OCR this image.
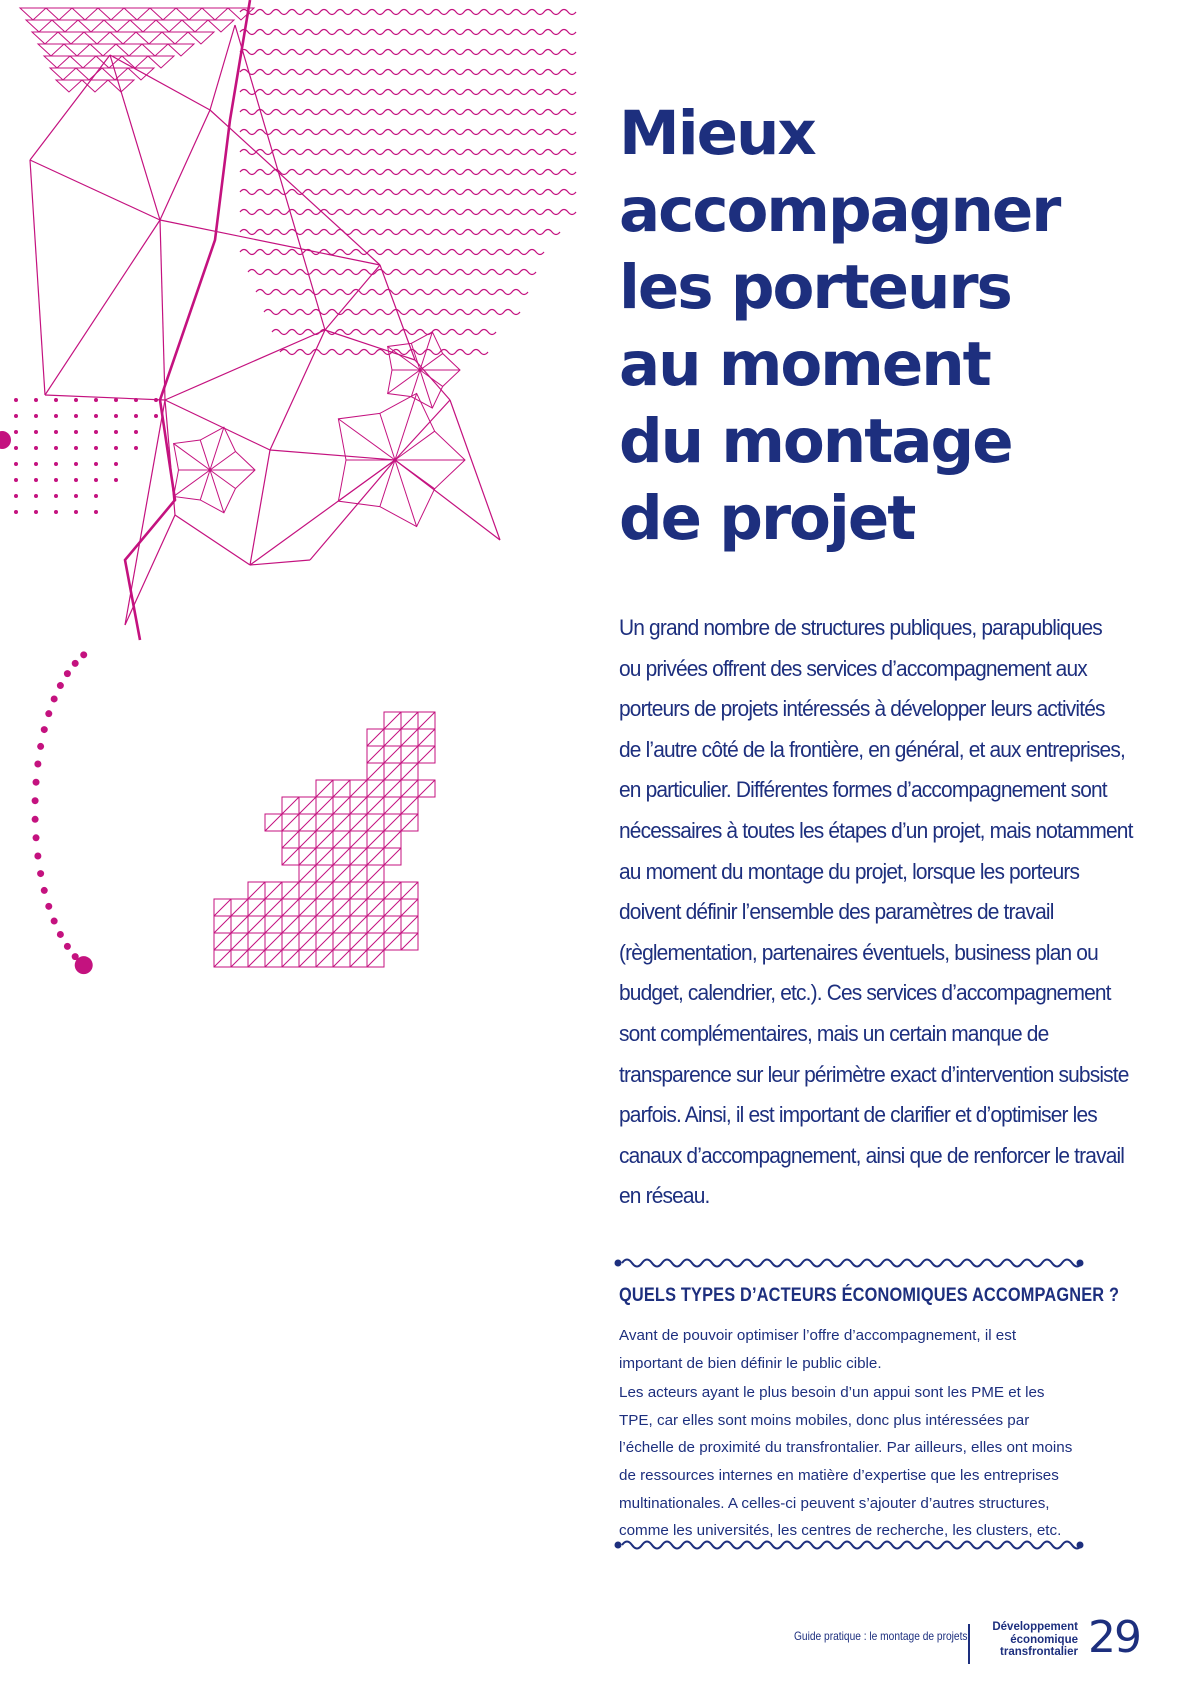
Mieux
accompagner
les porteurs
au moment
du montage
de projet
Un grand nombre de structures publiques, parapubliques
ou privées offrent des services d’accompagnement aux
porteurs de projets intéressés à développer leurs activités
de l’autre côté de la frontière, en général, et aux entreprises,
en particulier. Différentes formes d’accompagnement sont
nécessaires à toutes les étapes d’un projet, mais notamment
au moment du montage du projet, lorsque les porteurs
doivent définir l’ensemble des paramètres de travail
(règlementation, partenaires éventuels, business plan ou
budget, calendrier, etc.). Ces services d’accompagnement
sont complémentaires, mais un certain manque de
transparence sur leur périmètre exact d’intervention subsiste
parfois. Ainsi, il est important de clarifier et d’optimiser les
canaux d’accompagnement, ainsi que de renforcer le travail
en réseau.
QUELS TYPES D’ACTEURS ÉCONOMIQUES ACCOMPAGNER ?

Avant de pouvoir optimiser l’offre d’accompagnement, il est
important de bien définir le public cible.

Les acteurs ayant le plus besoin d’un appui sont les PME et les
TPE, car elles sont moins mobiles, donc plus intéressées par
l’échelle de proximité du transfrontalier. Par ailleurs, elles ont moins
de ressources internes en matière d’expertise que les entreprises
multinationales. A celles-ci peuvent s’ajouter d’autres structures,
comme les universités, les centres de recherche, les clusters, etc.

Guide pratique : le montage de projets
Développement
économique
transfrontalier 29
